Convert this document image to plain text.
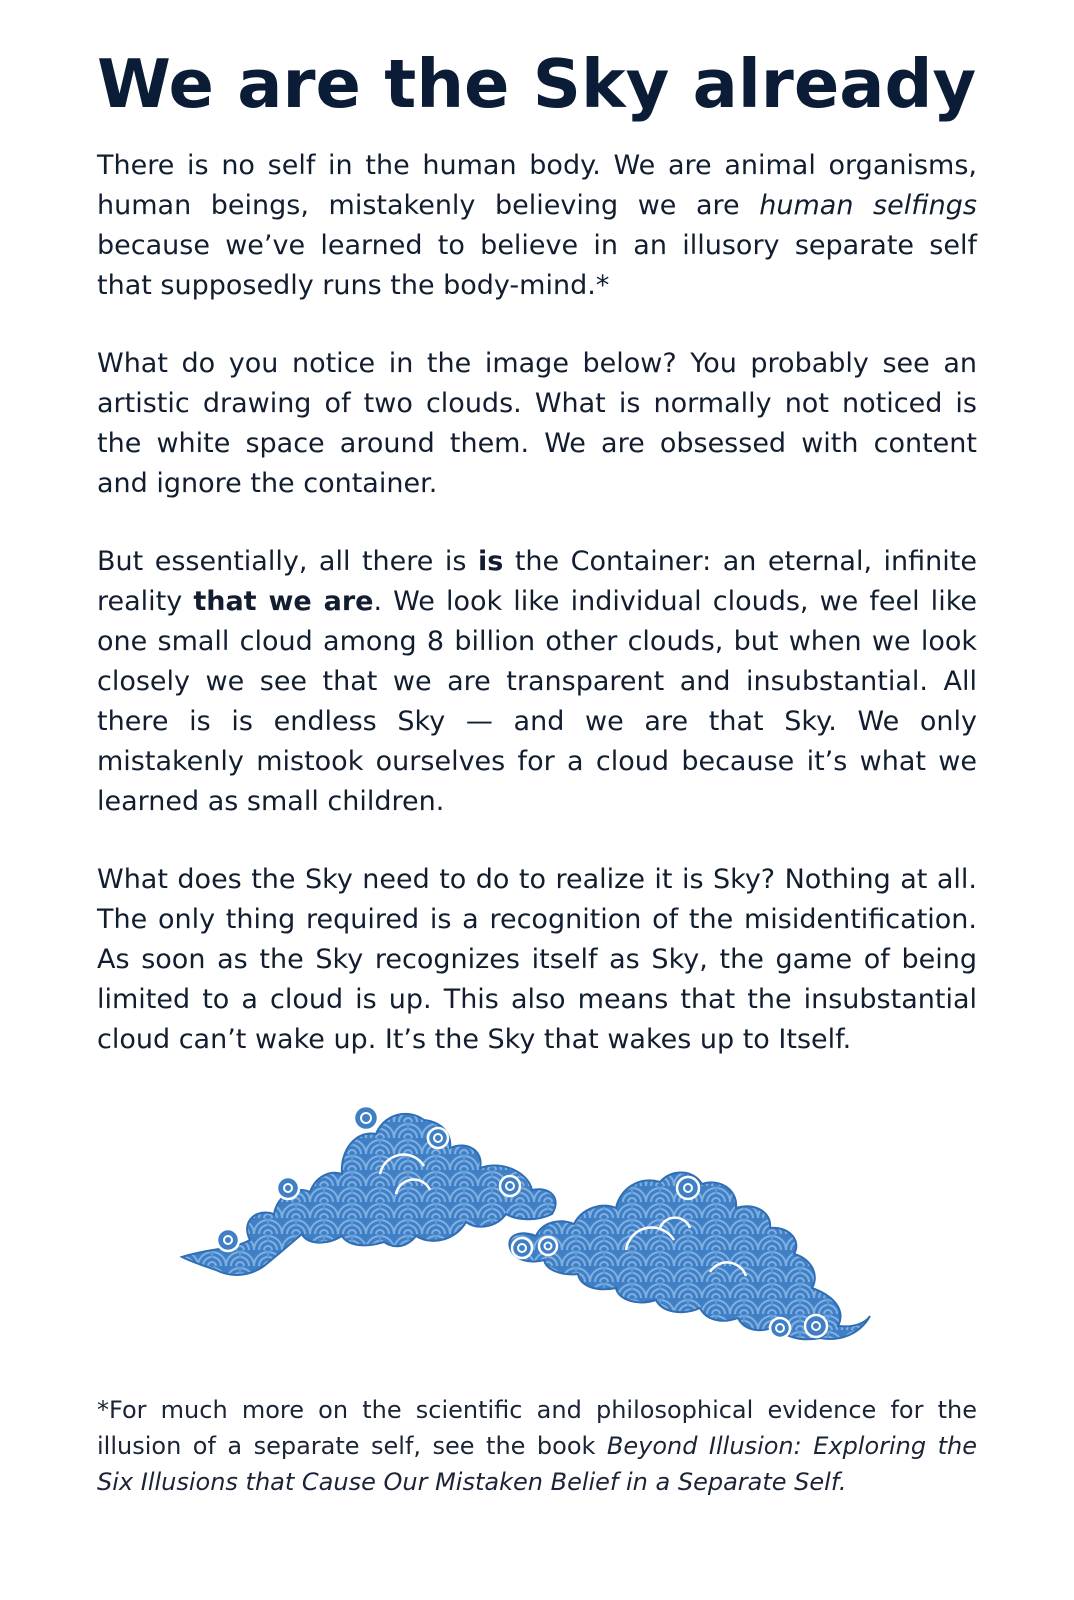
We are the Sky already

There is no self in the human body. We are animal organisms, human beings, mistakenly believing we are human selfings because we’ve learned to believe in an illusory separate self that supposedly runs the body-mind.*

What do you notice in the image below? You probably see an artistic drawing of two clouds. What is normally not noticed is the white space around them. We are obsessed with content and ignore the container.

But essentially, all there is is the Container: an eternal, infinite reality that we are. We look like individual clouds, we feel like one small cloud among 8 billion other clouds, but when we look closely we see that we are transparent and insubstantial. All there is is endless Sky — and we are that Sky. We only mistakenly mistook ourselves for a cloud because it’s what we learned as small children.

What does the Sky need to do to realize it is Sky? Nothing at all. The only thing required is a recognition of the misidentification. As soon as the Sky recognizes itself as Sky, the game of being limited to a cloud is up. This also means that the insubstantial cloud can’t wake up. It’s the Sky that wakes up to Itself.

*For much more on the scientific and philosophical evidence for the illusion of a separate self, see the book Beyond Illusion: Exploring the Six Illusions that Cause Our Mistaken Belief in a Separate Self.
